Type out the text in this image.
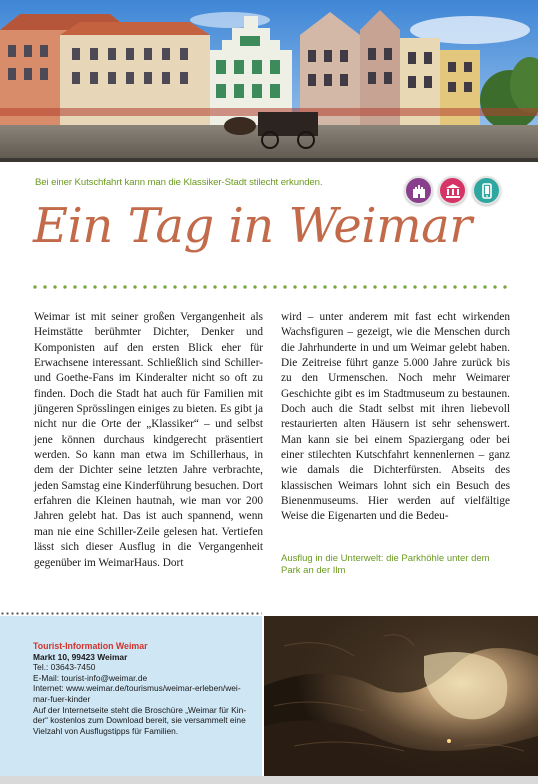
Bei einer Kutschfahrt kann man die Klassiker-Stadt stilecht erkunden.
Ein Tag in Weimar

Weimar ist mit seiner großen Vergangenheit als Heimstätte berühmter Dichter, Denker und Komponisten auf den ersten Blick eher für Erwachsene interessant. Schließlich sind Schiller- und Goethe-Fans im Kinderalter nicht so oft zu finden. Doch die Stadt hat auch für Familien mit jüngeren Sprösslingen einiges zu bieten. Es gibt ja nicht nur die Orte der „Klassiker“ – und selbst jene können durchaus kindgerecht präsentiert werden. So kann man etwa im Schillerhaus, in dem der Dichter seine letzten Jahre verbrachte, jeden Samstag eine Kinderführung besuchen. Dort erfahren die Kleinen hautnah, wie man vor 200 Jahren gelebt hat. Das ist auch spannend, wenn man nie eine Schiller-Zeile gelesen hat. Vertiefen lässt sich dieser Ausflug in die Vergangenheit gegenüber im WeimarHaus. Dort

wird – unter anderem mit fast echt wirkenden Wachsfiguren – gezeigt, wie die Menschen durch die Jahrhunderte in und um Weimar gelebt haben. Die Zeitreise führt ganze 5.000 Jahre zurück bis zu den Urmenschen. Noch mehr Weimarer Geschichte gibt es im Stadtmuseum zu bestaunen. Doch auch die Stadt selbst mit ihren liebevoll restaurierten alten Häusern ist sehr sehenswert. Man kann sie bei einem Spaziergang oder bei einer stilechten Kutschfahrt kennenlernen – ganz wie damals die Dichterfürsten. Abseits des klassischen Weimars lohnt sich ein Besuch des Bienenmuseums. Hier werden auf vielfältige Weise die Eigenarten und die Bedeu-

Ausflug in die Unterwelt: die Parkhöhle unter dem Park an der Ilm
Tourist-Information Weimar
Markt 10, 99423 Weimar
Tel.: 03643-7450
E-Mail: tourist-info@weimar.de
Internet: www.weimar.de/tourismus/weimar-erleben/weimar-fuer-kinder
Auf der Internetseite steht die Broschüre „Weimar für Kinder“ kostenlos zum Download bereit, sie versammelt eine Vielzahl von Ausflugstipps für Familien.
